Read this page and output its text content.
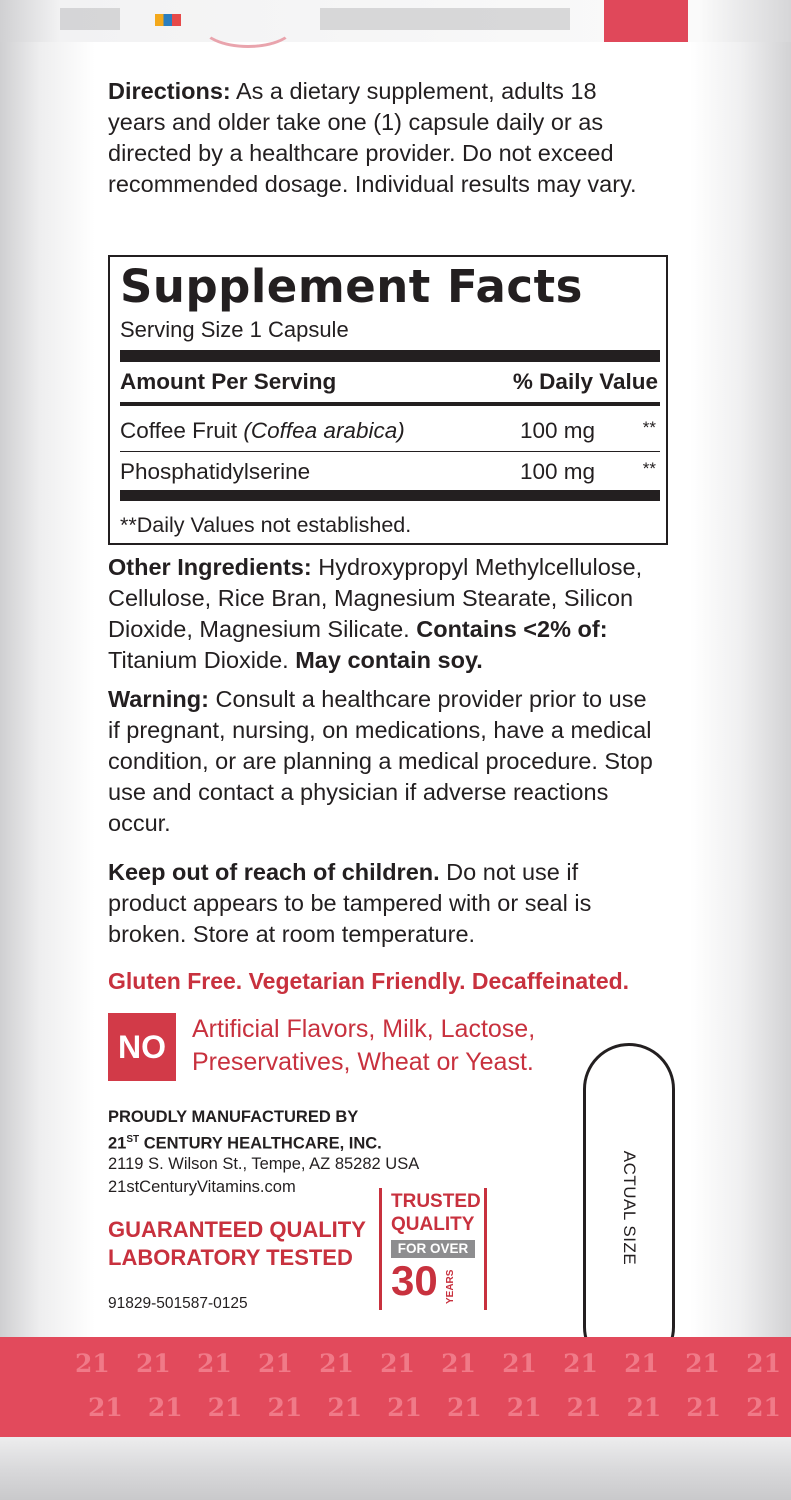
Directions: As a dietary supplement, adults 18 years and older take one (1) capsule daily or as directed by a healthcare provider. Do not exceed recommended dosage. Individual results may vary.

Supplement Facts
Serving Size 1 Capsule
Amount Per Serving	% Daily Value
Coffee Fruit (Coffea arabica)	100 mg	**
Phosphatidylserine	100 mg	**
**Daily Values not established.

Other Ingredients: Hydroxypropyl Methylcellulose, Cellulose, Rice Bran, Magnesium Stearate, Silicon Dioxide, Magnesium Silicate. Contains <2% of: Titanium Dioxide. May contain soy.

Warning: Consult a healthcare provider prior to use if pregnant, nursing, on medications, have a medical condition, or are planning a medical procedure. Stop use and contact a physician if adverse reactions occur.

Keep out of reach of children. Do not use if product appears to be tampered with or seal is broken. Store at room temperature.

Gluten Free. Vegetarian Friendly. Decaffeinated.

NO	Artificial Flavors, Milk, Lactose,
Preservatives, Wheat or Yeast.

PROUDLY MANUFACTURED BY

21ST CENTURY HEALTHCARE, INC.

2119 S. Wilson St., Tempe, AZ 85282 USA

21stCenturyVitamins.com

GUARANTEED QUALITY

LABORATORY TESTED

TRUSTED
QUALITY
FOR OVER
30 YEARS
91829-501587-0125
ACTUAL SIZE
21 21 21 21 21 21 21 21 21 21 21 21
21 21 21 21 21 21 21 21 21 21 21 21
